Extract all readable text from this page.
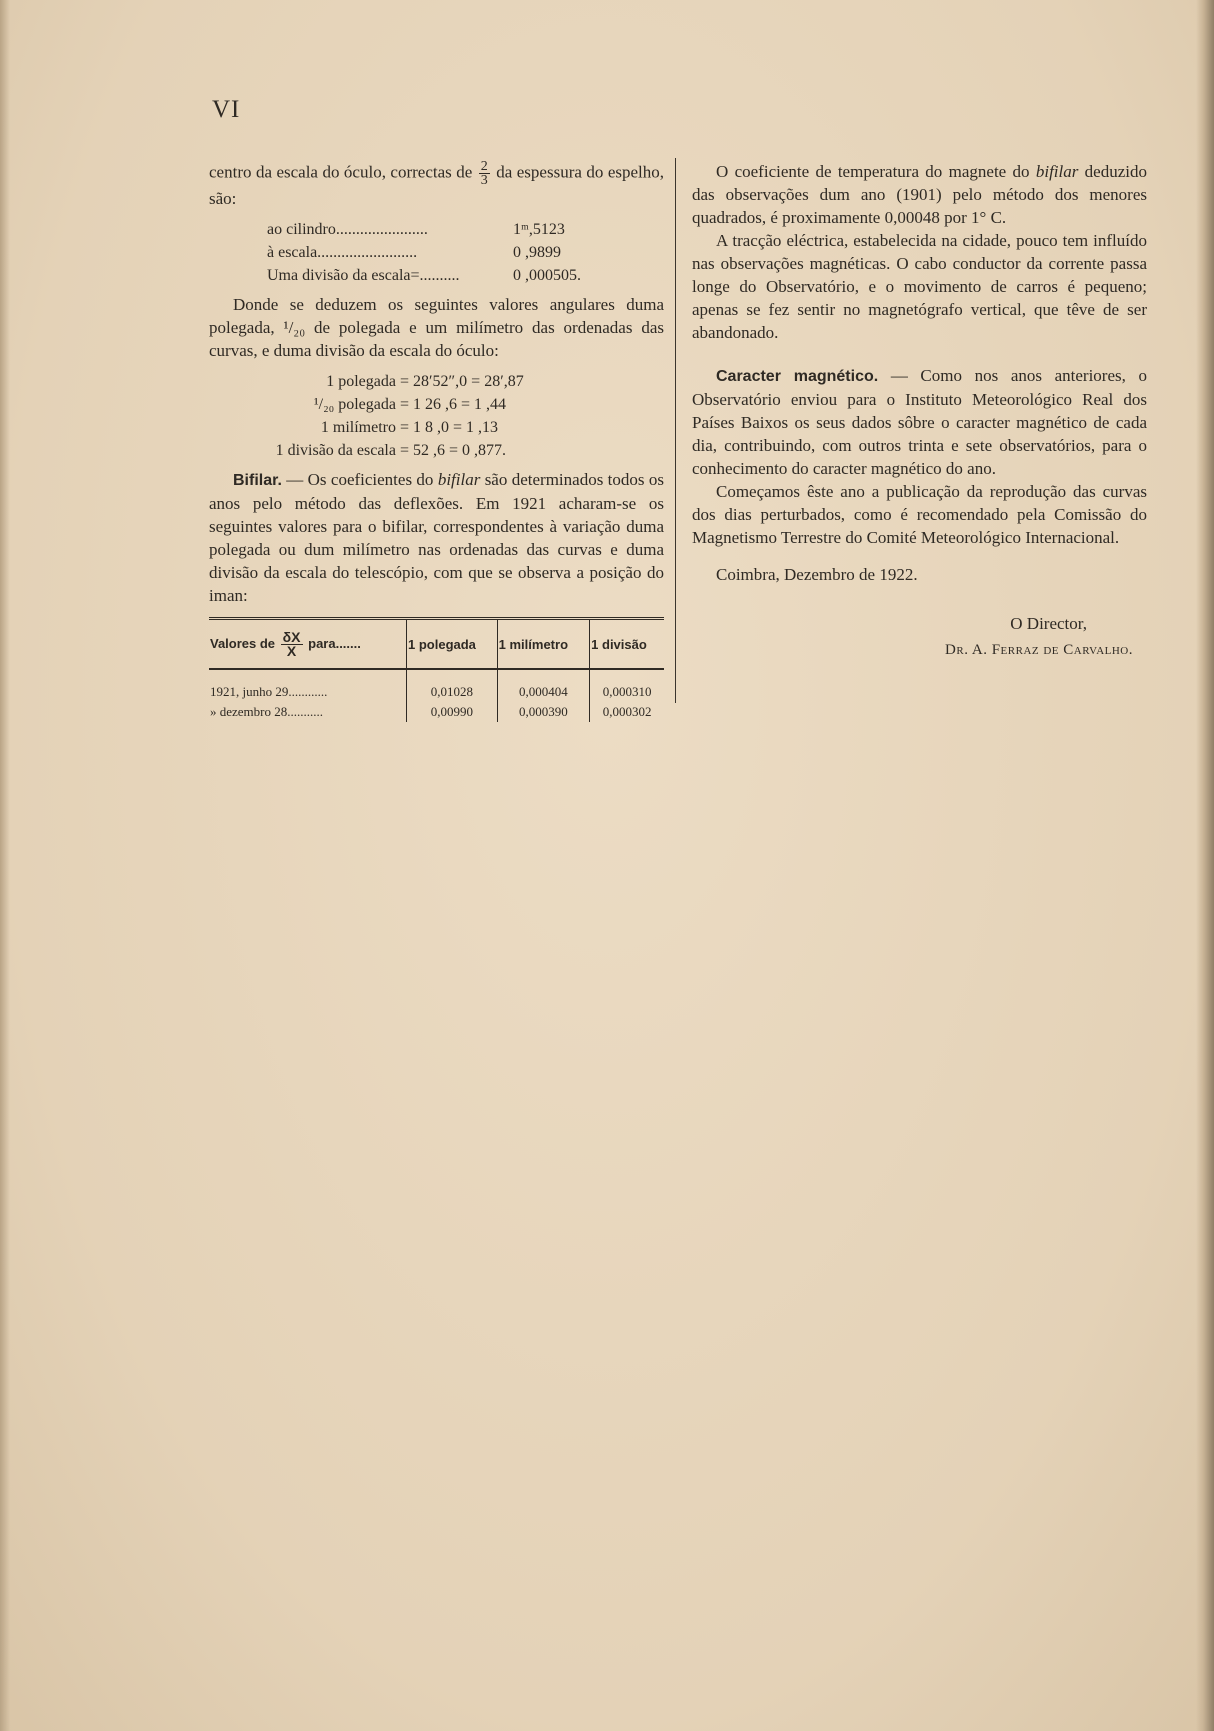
VI

centro da escala do óculo, correctas de $\frac{2}{3}$ da espessura do espelho, são:

ao cilindro.......................	1ᵐ,5123
à escala.........................	0 ,9899
Uma divisão da escala=..........	0 ,000505.

Donde se deduzem os seguintes valores angulares duma polegada, ¹/₂₀ de polegada e um milímetro das ordenadas das curvas, e duma divisão da escala do óculo:

1 polegada = 28′52″,0 = 28′,87
¹/₂₀ polegada = 1 26 ,6 = 1 ,44
1 milímetro = 1 8 ,0 = 1 ,13
1 divisão da escala = 52 ,6 = 0 ,877.

Bifilar. — Os coeficientes do bifilar são determinados todos os anos pelo método das deflexões. Em 1921 acharam-se os seguintes valores para o bifilar, correspondentes à variação duma polegada ou dum milímetro nas ordenadas das curvas e duma divisão da escala do telescópio, com que se observa a posição do iman:

Valores de $\frac{\delta X}{X}$ para.......	1 polegada	1 milímetro	1 divisão

1921, junho 29............	0,01028	0,000404	0,000310
» dezembro 28...........	0,00990	0,000390	0,000302

O coeficiente de temperatura do magnete do bifilar deduzido das observações dum ano (1901) pelo método dos menores quadrados, é proximamente 0,00048 por 1° C.

A tracção eléctrica, estabelecida na cidade, pouco tem influído nas observações magnéticas. O cabo conductor da corrente passa longe do Observatório, e o movimento de carros é pequeno; apenas se fez sentir no magnetógrafo vertical, que têve de ser abandonado.

Caracter magnético. — Como nos anos anteriores, o Observatório enviou para o Instituto Meteorológico Real dos Países Baixos os seus dados sôbre o caracter magnético de cada dia, contribuindo, com outros trinta e sete observatórios, para o conhecimento do caracter magnético do ano.

Começamos êste ano a publicação da reprodução das curvas dos dias perturbados, como é recomendado pela Comissão do Magnetismo Terrestre do Comité Meteorológico Internacional.

Coimbra, Dezembro de 1922.

O Director,

Dr. A. Ferraz de Carvalho.
